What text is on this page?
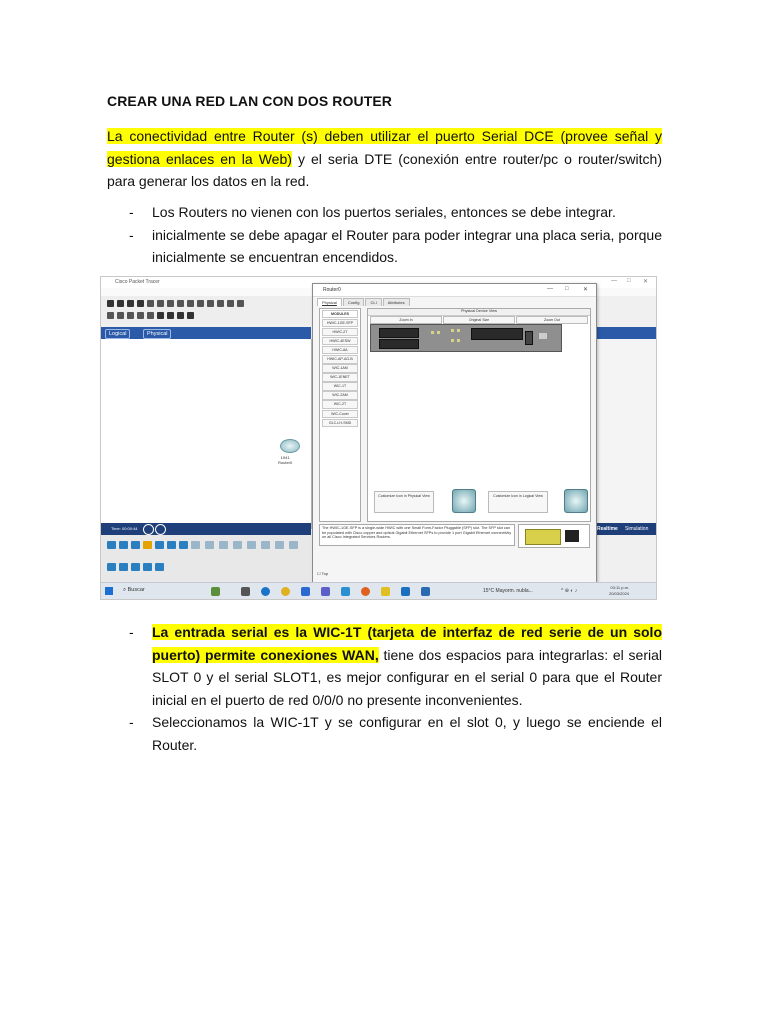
CREAR UNA RED LAN CON DOS ROUTER
La conectividad entre Router (s) deben utilizar el puerto Serial DCE (provee señal y gestiona enlaces en la Web) y el seria DTE (conexión entre router/pc o router/switch) para generar los datos en la red.
- Los Routers no vienen con los puertos seriales, entonces se debe integrar.
- inicialmente se debe apagar el Router para poder integrar una placa seria, porque inicialmente se encuentran encendidos.
Cisco Packet Tracer	— □ ✕
Logical	Physical
1941
Router0
Time: 00:00:44	Realtime Simulation
Router0	— □ ✕
Physical	Config	CLI	Attributes
MODULES
HWIC-1GE-SFP
HWIC-2T
HWIC-4ESW
HWIC-8A
HWIC-AP-AG-B
WIC-1AM
WIC-1ENET
WIC-1T
WIC-2AM
WIC-2T
WIC-Cover
GLC-LH-SMD
Physical Device View
Zoom In	Original Size	Zoom Out
Customize Icon in Physical View	Customize Icon in Logical View
The HWIC-1GE-SFP is a single-wide HWIC with one Small Form-Factor Pluggable (SFP) slot. The SFP slot can be populated with Cisco copper and optical Gigabit Ethernet SFPs to provide 1 port Gigabit Ethernet connectivity on all Cisco Integrated Services Routers.
☐ Top
⌕ Buscar	15°C Mayorm. nubla...	^ ⊕ ◐ ♪
03:11 p.m.
20/03/2024
- La entrada serial es la WIC-1T (tarjeta de interfaz de red serie de un solo puerto) permite conexiones WAN, tiene dos espacios para integrarlas: el serial SLOT 0 y el serial SLOT1, es mejor configurar en el serial 0 para que el Router inicial en el puerto de red 0/0/0 no presente inconvenientes.
- Seleccionamos la WIC-1T y se configurar en el slot 0, y luego se enciende el Router.
